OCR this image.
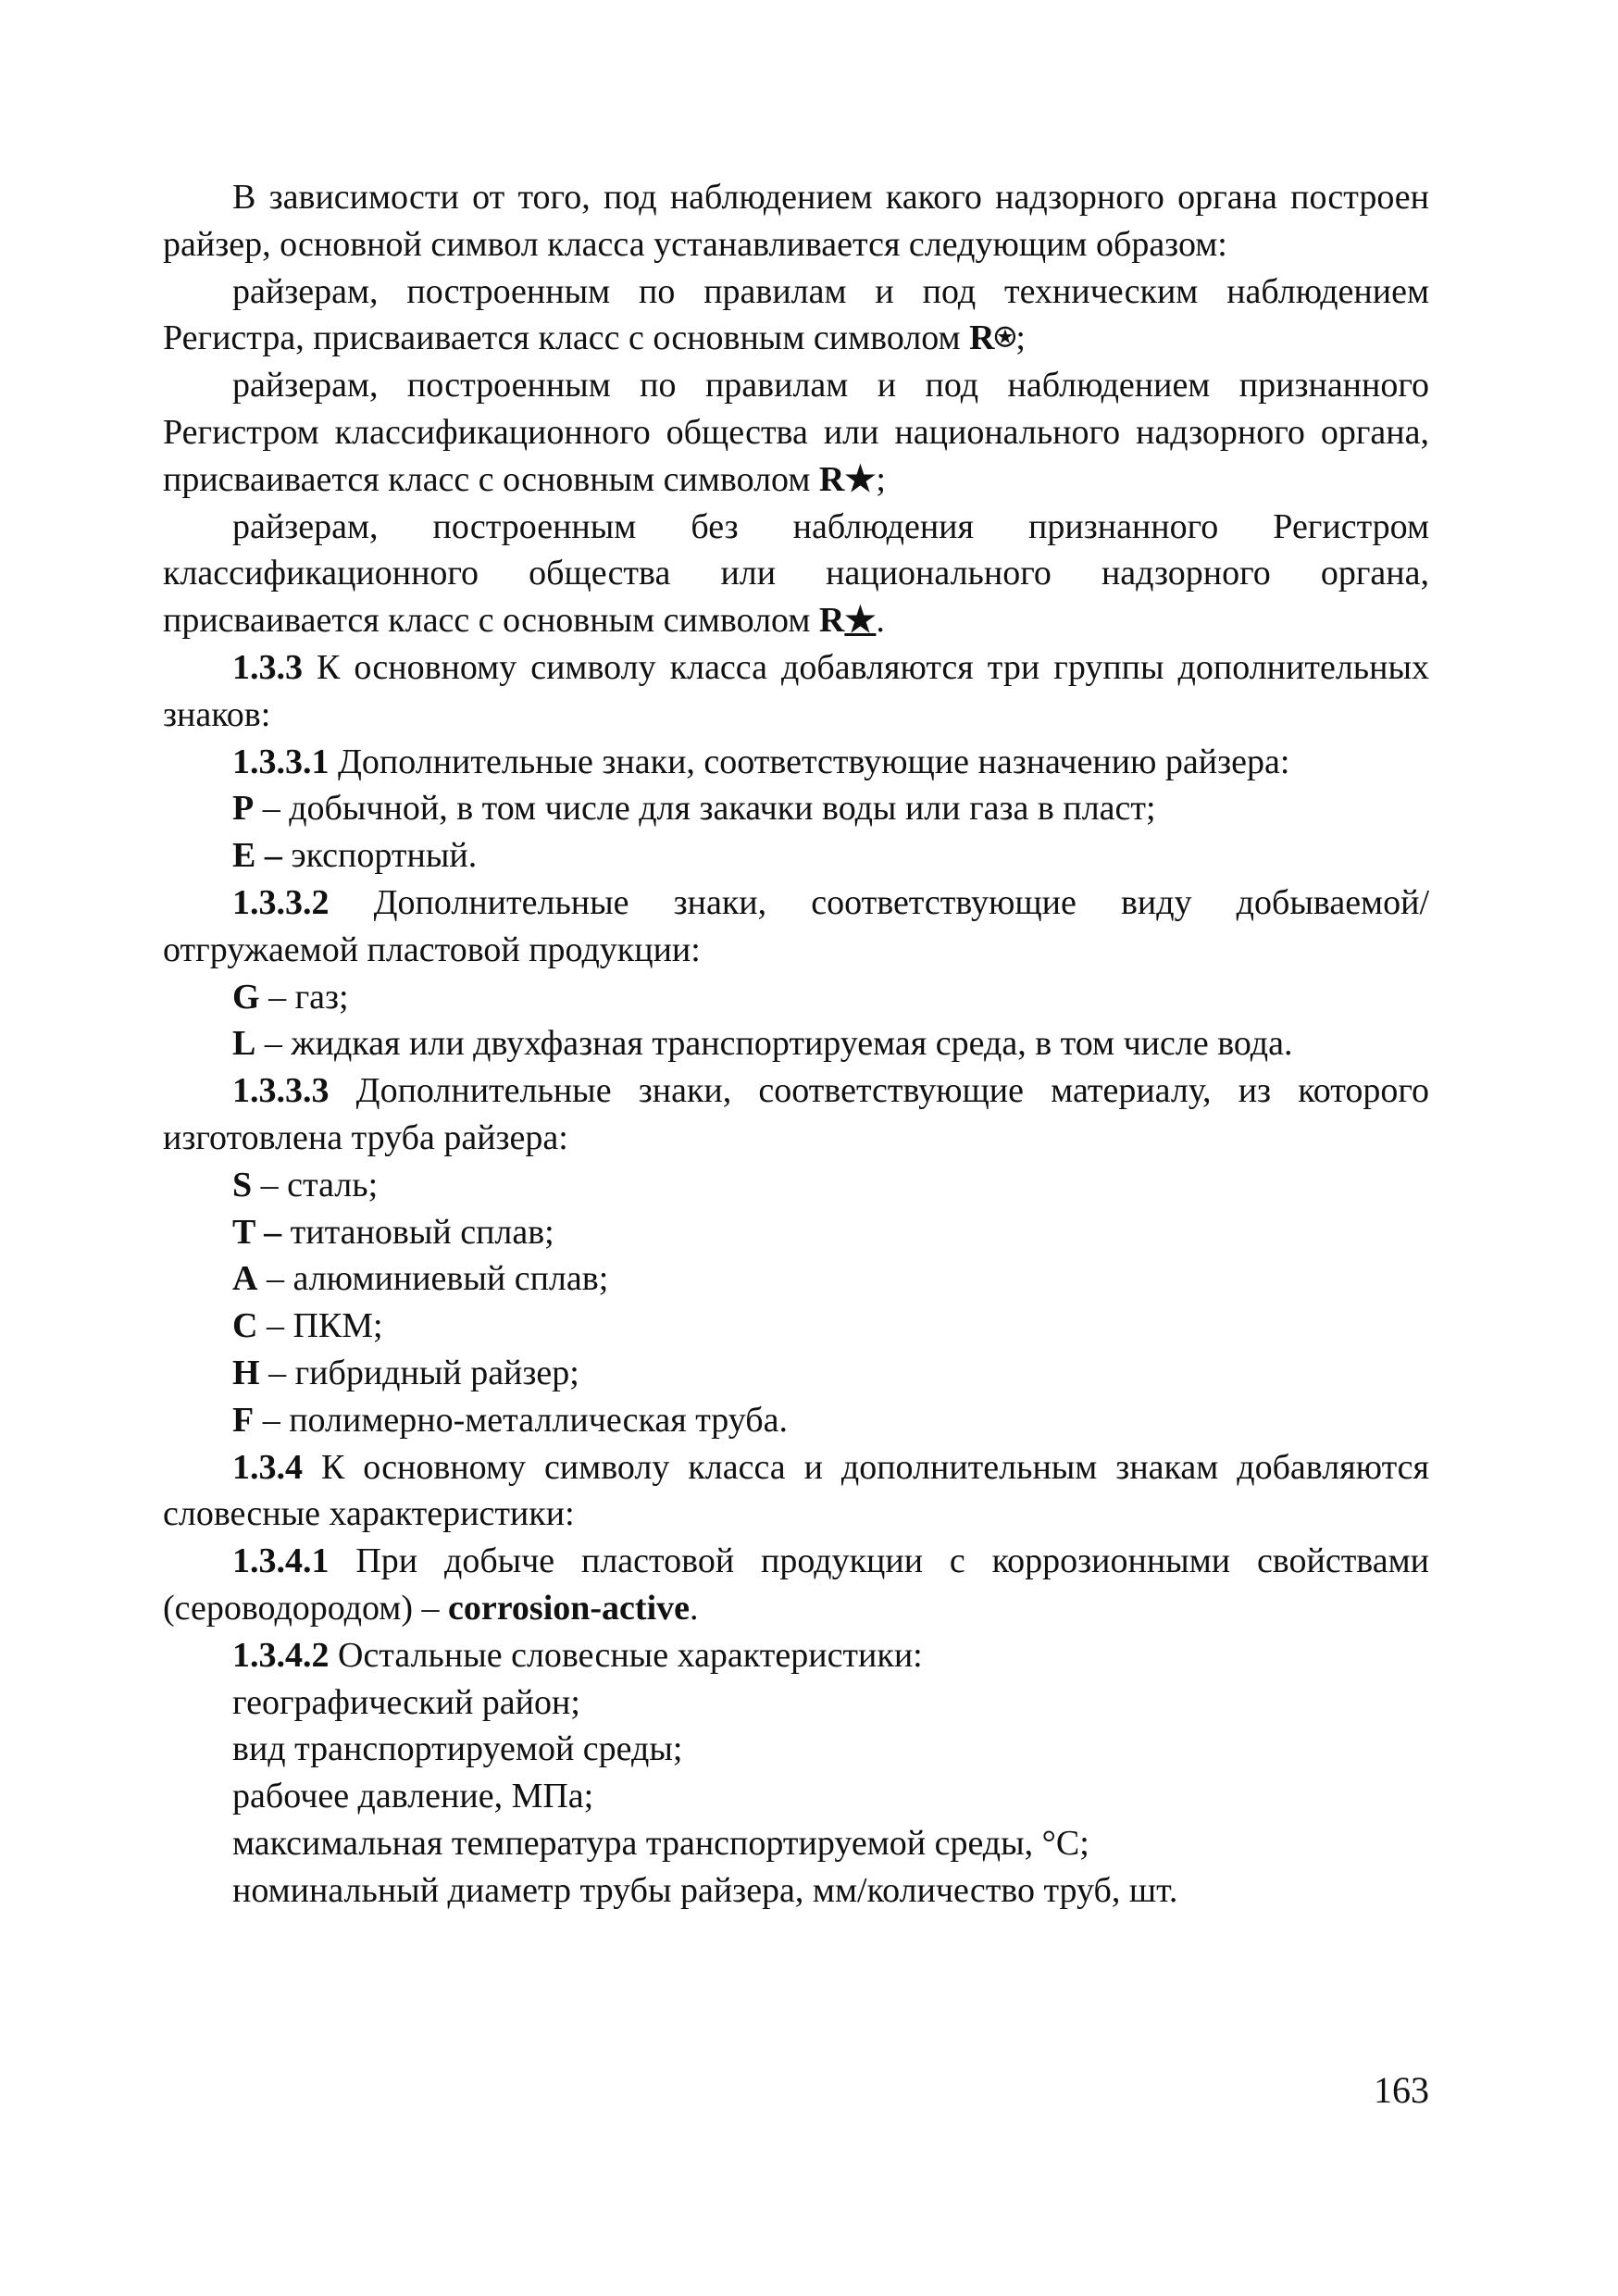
В зависимости от того, под наблюдением какого надзорного органа построен райзер, основной символ класса устанавливается следующим образом:

райзерам, построенным по правилам и под техническим наблюдением Регистра, присваивается класс с основным символом R⍟;

райзерам, построенным по правилам и под наблюдением признанного Регистром классификационного общества или национального надзорного органа, присваивается класс с основным символом R★;

райзерам, построенным без наблюдения признанного Регистром классификационного общества или национального надзорного органа, присваивается класс с основным символом R★.

1.3.3 К основному символу класса добавляются три группы дополнительных знаков:

1.3.3.1 Дополнительные знаки, соответствующие назначению райзера:

P – добычной, в том числе для закачки воды или газа в пласт;

E – экспортный.

1.3.3.2 Дополнительные знаки, соответствующие виду добываемой/отгружаемой пластовой продукции:

G – газ;

L – жидкая или двухфазная транспортируемая среда, в том числе вода.

1.3.3.3 Дополнительные знаки, соответствующие материалу, из которого изготовлена труба райзера:

S – сталь;

T – титановый сплав;

A – алюминиевый сплав;

C – ПКМ;

H – гибридный райзер;

F – полимерно-металлическая труба.

1.3.4 К основному символу класса и дополнительным знакам добавляются словесные характеристики:

1.3.4.1 При добыче пластовой продукции с коррозионными свойствами (сероводородом) – corrosion-active.

1.3.4.2 Остальные словесные характеристики:

географический район;

вид транспортируемой среды;

рабочее давление, МПа;

максимальная температура транспортируемой среды, °С;

номинальный диаметр трубы райзера, мм/количество труб, шт.

163
